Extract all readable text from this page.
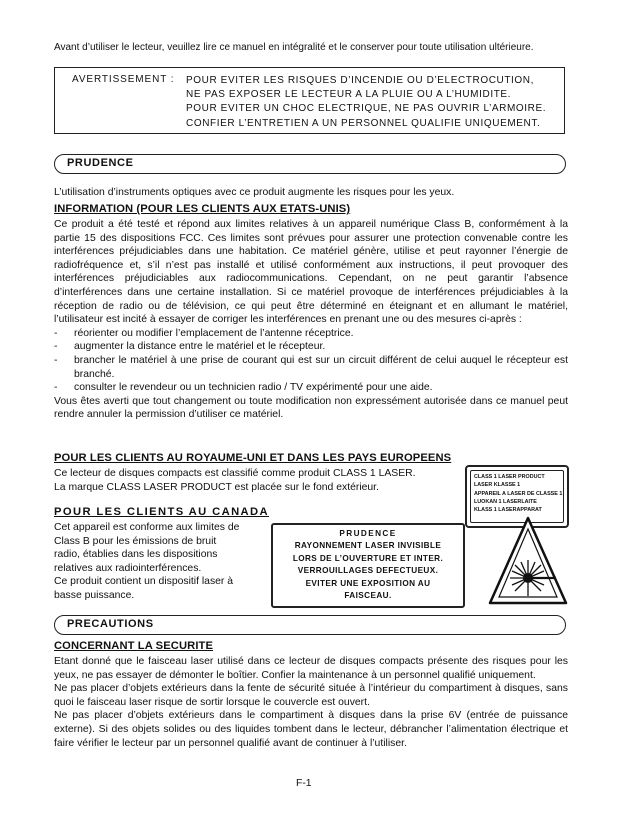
Avant d’utiliser le lecteur, veuillez lire ce manuel en intégralité et le conserver pour toute utilisation ultérieure.
AVERTISSEMENT : POUR EVITER LES RISQUES D’INCENDIE OU D’ELECTROCUTION,
NE PAS EXPOSER LE LECTEUR A LA PLUIE OU A L’HUMIDITE.
POUR EVITER UN CHOC ELECTRIQUE, NE PAS OUVRIR L’ARMOIRE.
CONFIER L’ENTRETIEN A UN PERSONNEL QUALIFIE UNIQUEMENT.
PRUDENCE
L’utilisation d’instruments optiques avec ce produit augmente les risques pour les yeux.
INFORMATION (POUR LES CLIENTS AUX ETATS-UNIS)
Ce produit a été testé et répond aux limites relatives à un appareil numérique Class B, conformément à la partie 15 des dispositions FCC. Ces limites sont prévues pour assurer une protection convenable contre les interférences préjudiciables dans une habitation. Ce matériel génère, utilise et peut rayonner l’énergie de radiofréquence et, s’il n’est pas installé et utilisé conformément aux instructions, il peut provoquer des interférences préjudiciables aux radiocommunications. Cependant, on ne peut garantir l’absence d’interférences dans une certaine installation. Si ce matériel provoque de interférences préjudiciables à la réception de radio ou de télévision, ce qui peut être déterminé en éteignant et en allumant le matériel, l’utilisateur est incité à essayer de corriger les interférences en prenant une ou des mesures ci-après :
- réorienter ou modifier l’emplacement de l’antenne réceptrice.
- augmenter la distance entre le matériel et le récepteur.
- brancher le matériel à une prise de courant qui est sur un circuit différent de celui auquel le récepteur est branché.
- consulter le revendeur ou un technicien radio / TV expérimenté pour une aide.
Vous êtes averti que tout changement ou toute modification non expressément autorisée dans ce manuel peut rendre annuler la permission d’utiliser ce matériel.
POUR LES CLIENTS AU ROYAUME-UNI ET DANS LES PAYS EUROPEENS
Ce lecteur de disques compacts est classifié comme produit CLASS 1 LASER.
La marque CLASS LASER PRODUCT est placée sur le fond extérieur.
CLASS 1 LASER PRODUCT
LASER KLASSE 1
APPAREIL A LASER DE CLASSE 1
LUOKAN 1 LASERLAITE
KLASS 1 LASERAPPARAT
POUR LES CLIENTS AU CANADA
Cet appareil est conforme aux limites de
Class B pour les émissions de bruit
radio, établies dans les dispositions
relatives aux radiointerférences.
Ce produit contient un dispositif laser à
basse puissance.
PRUDENCE
RAYONNEMENT LASER INVISIBLE
LORS DE L’OUVERTURE ET INTER.
VERROUILLAGES DEFECTUEUX.
EVITER UNE EXPOSITION AU
FAISCEAU.
PRECAUTIONS
CONCERNANT LA SECURITE
Etant donné que le faisceau laser utilisé dans ce lecteur de disques compacts présente des risques pour les yeux, ne pas essayer de démonter le boîtier. Confier la maintenance à un personnel qualifié uniquement.
Ne pas placer d’objets extérieurs dans la fente de sécurité située à l’intérieur du compartiment à disques, sans quoi le faisceau laser risque de sortir lorsque le couvercle est ouvert.
Ne pas placer d’objets extérieurs dans le compartiment à disques dans la prise 6V (entrée de puissance externe). Si des objets solides ou des liquides tombent dans le lecteur, débrancher l’alimentation électrique et faire vérifier le lecteur par un personnel qualifié avant de continuer à l’utiliser.
F-1
